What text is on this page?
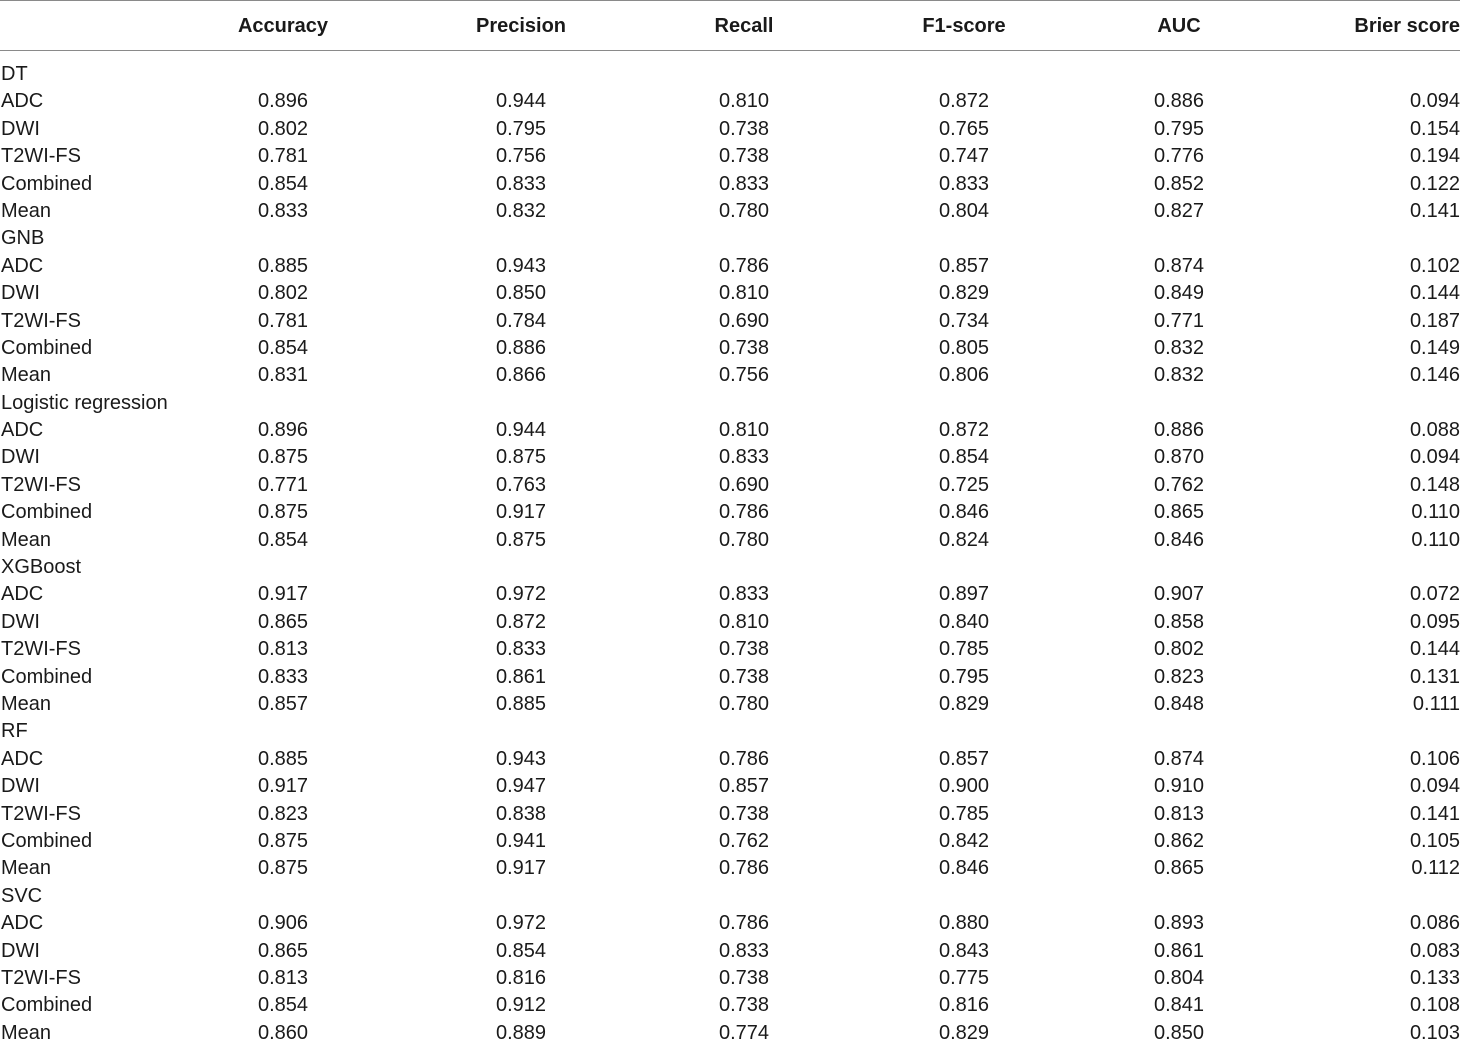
Accuracy	Precision	Recall	F1-score	AUC	Brier score
DT
ADC	0.896	0.944	0.810	0.872	0.886	0.094
DWI	0.802	0.795	0.738	0.765	0.795	0.154
T2WI-FS	0.781	0.756	0.738	0.747	0.776	0.194
Combined	0.854	0.833	0.833	0.833	0.852	0.122
Mean	0.833	0.832	0.780	0.804	0.827	0.141
GNB
ADC	0.885	0.943	0.786	0.857	0.874	0.102
DWI	0.802	0.850	0.810	0.829	0.849	0.144
T2WI-FS	0.781	0.784	0.690	0.734	0.771	0.187
Combined	0.854	0.886	0.738	0.805	0.832	0.149
Mean	0.831	0.866	0.756	0.806	0.832	0.146
Logistic regression
ADC	0.896	0.944	0.810	0.872	0.886	0.088
DWI	0.875	0.875	0.833	0.854	0.870	0.094
T2WI-FS	0.771	0.763	0.690	0.725	0.762	0.148
Combined	0.875	0.917	0.786	0.846	0.865	0.110
Mean	0.854	0.875	0.780	0.824	0.846	0.110
XGBoost
ADC	0.917	0.972	0.833	0.897	0.907	0.072
DWI	0.865	0.872	0.810	0.840	0.858	0.095
T2WI-FS	0.813	0.833	0.738	0.785	0.802	0.144
Combined	0.833	0.861	0.738	0.795	0.823	0.131
Mean	0.857	0.885	0.780	0.829	0.848	0.111
RF
ADC	0.885	0.943	0.786	0.857	0.874	0.106
DWI	0.917	0.947	0.857	0.900	0.910	0.094
T2WI-FS	0.823	0.838	0.738	0.785	0.813	0.141
Combined	0.875	0.941	0.762	0.842	0.862	0.105
Mean	0.875	0.917	0.786	0.846	0.865	0.112
SVC
ADC	0.906	0.972	0.786	0.880	0.893	0.086
DWI	0.865	0.854	0.833	0.843	0.861	0.083
T2WI-FS	0.813	0.816	0.738	0.775	0.804	0.133
Combined	0.854	0.912	0.738	0.816	0.841	0.108
Mean	0.860	0.889	0.774	0.829	0.850	0.103
